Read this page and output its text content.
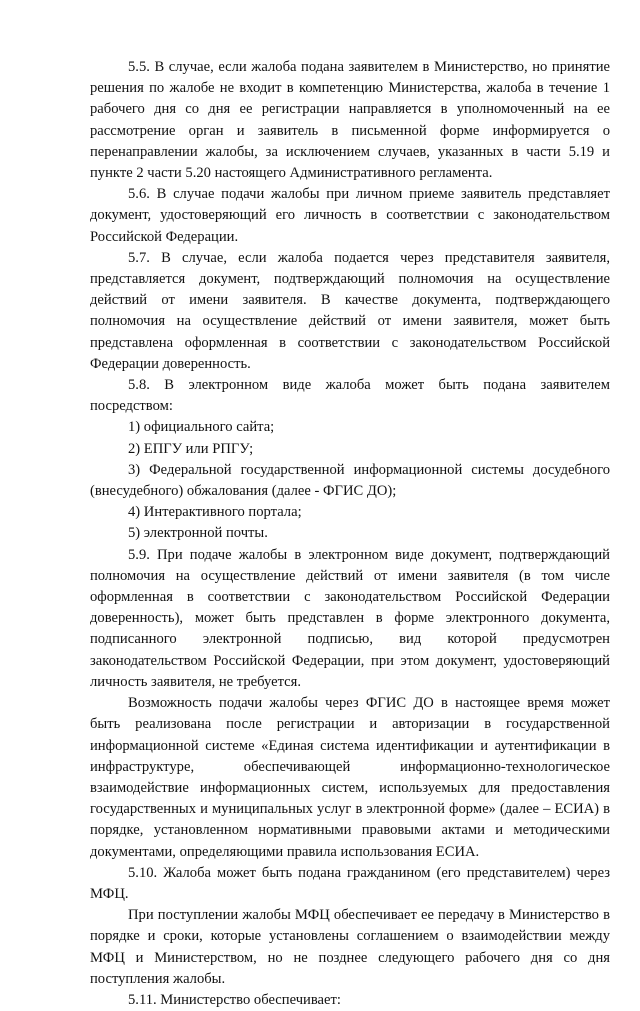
5.5. В случае, если жалоба подана заявителем в Министерство, но принятие решения по жалобе не входит в компетенцию Министерства, жалоба в течение 1 рабочего дня со дня ее регистрации направляется в уполномоченный на ее рассмотрение орган и заявитель в письменной форме информируется о перенаправлении жалобы, за исключением случаев, указанных в части 5.19 и пункте 2 части 5.20 настоящего Административного регламента.

5.6. В случае подачи жалобы при личном приеме заявитель представляет документ, удостоверяющий его личность в соответствии с законодательством Российской Федерации.

5.7. В случае, если жалоба подается через представителя заявителя, представляется документ, подтверждающий полномочия на осуществление действий от имени заявителя. В качестве документа, подтверждающего полномочия на осуществление действий от имени заявителя, может быть представлена оформленная в соответствии с законодательством Российской Федерации доверенность.

5.8. В электронном виде жалоба может быть подана заявителем посредством:

1) официального сайта;

2) ЕПГУ или РПГУ;

3) Федеральной государственной информационной системы досудебного (внесудебного) обжалования (далее - ФГИС ДО);

4) Интерактивного портала;

5) электронной почты.

5.9. При подаче жалобы в электронном виде документ, подтверждающий полномочия на осуществление действий от имени заявителя (в том числе оформленная в соответствии с законодательством Российской Федерации доверенность), может быть представлен в форме электронного документа, подписанного электронной подписью, вид которой предусмотрен законодательством Российской Федерации, при этом документ, удостоверяющий личность заявителя, не требуется.

Возможность подачи жалобы через ФГИС ДО в настоящее время может быть реализована после регистрации и авторизации в государственной информационной системе «Единая система идентификации и аутентификации в инфраструктуре, обеспечивающей информационно-технологическое взаимодействие информационных систем, используемых для предоставления государственных и муниципальных услуг в электронной форме» (далее – ЕСИА) в порядке, установленном нормативными правовыми актами и методическими документами, определяющими правила использования ЕСИА.

5.10. Жалоба может быть подана гражданином (его представителем) через МФЦ.

При поступлении жалобы МФЦ обеспечивает ее передачу в Министерство в порядке и сроки, которые установлены соглашением о взаимодействии между МФЦ и Министерством, но не позднее следующего рабочего дня со дня поступления жалобы.

5.11. Министерство обеспечивает:
